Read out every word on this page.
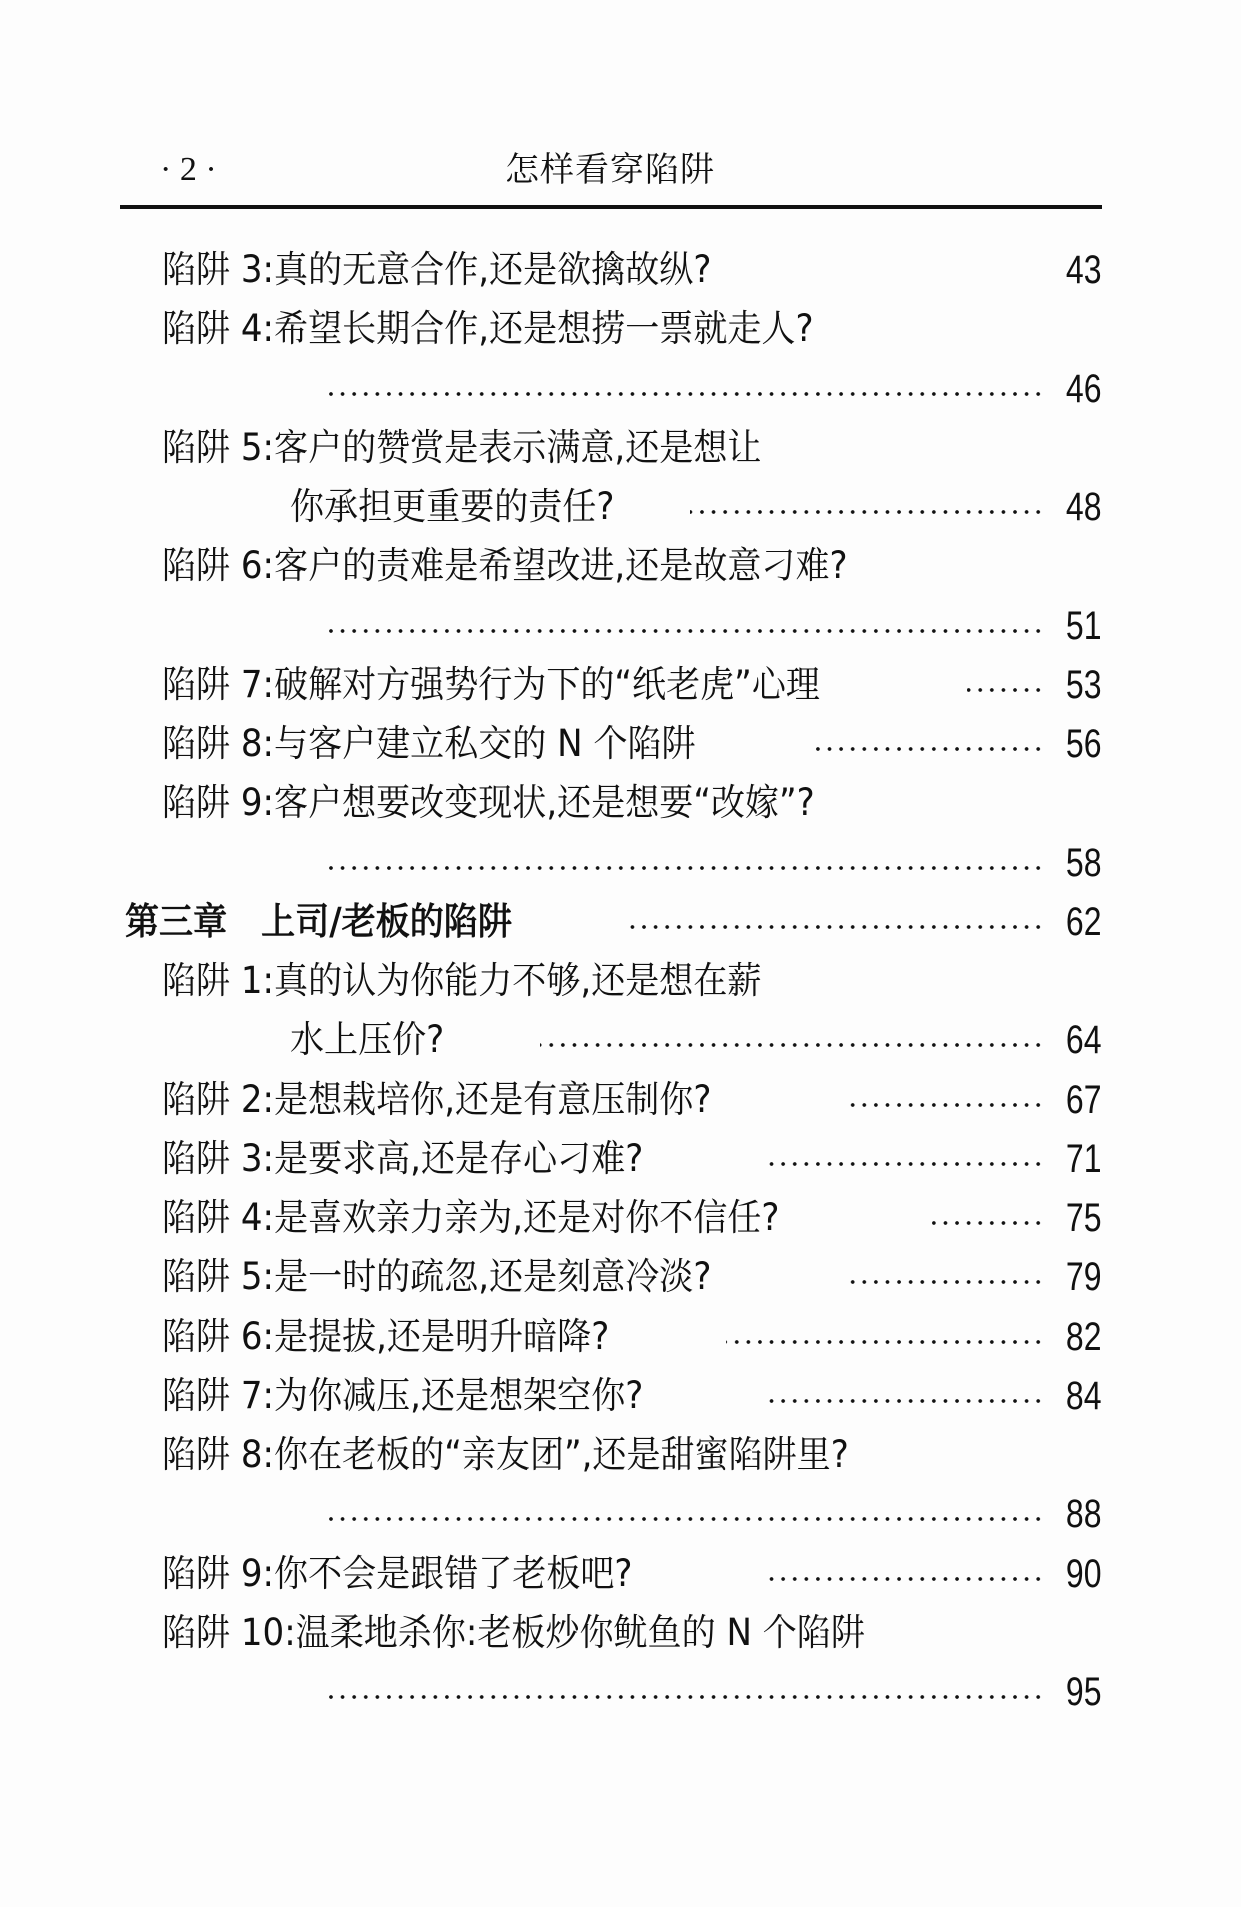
· 2 ·	怎样看穿陷阱
陷阱 3:真的无意合作,还是欲擒故纵?	43
陷阱 4:希望长期合作,还是想捞一票就走人?
46
陷阱 5:客户的赞赏是表示满意,还是想让
你承担更重要的责任?	48
陷阱 6:客户的责难是希望改进,还是故意刁难?
51
陷阱 7:破解对方强势行为下的“纸老虎”心理	53
陷阱 8:与客户建立私交的 N 个陷阱	56
陷阱 9:客户想要改变现状,还是想要“改嫁”?
58
第三章　上司/老板的陷阱	62
陷阱 1:真的认为你能力不够,还是想在薪
水上压价?	64
陷阱 2:是想栽培你,还是有意压制你?	67
陷阱 3:是要求高,还是存心刁难?	71
陷阱 4:是喜欢亲力亲为,还是对你不信任?	75
陷阱 5:是一时的疏忽,还是刻意冷淡?	79
陷阱 6:是提拔,还是明升暗降?	82
陷阱 7:为你减压,还是想架空你?	84
陷阱 8:你在老板的“亲友团”,还是甜蜜陷阱里?
88
陷阱 9:你不会是跟错了老板吧?	90
陷阱 10:温柔地杀你:老板炒你鱿鱼的 N 个陷阱
95
